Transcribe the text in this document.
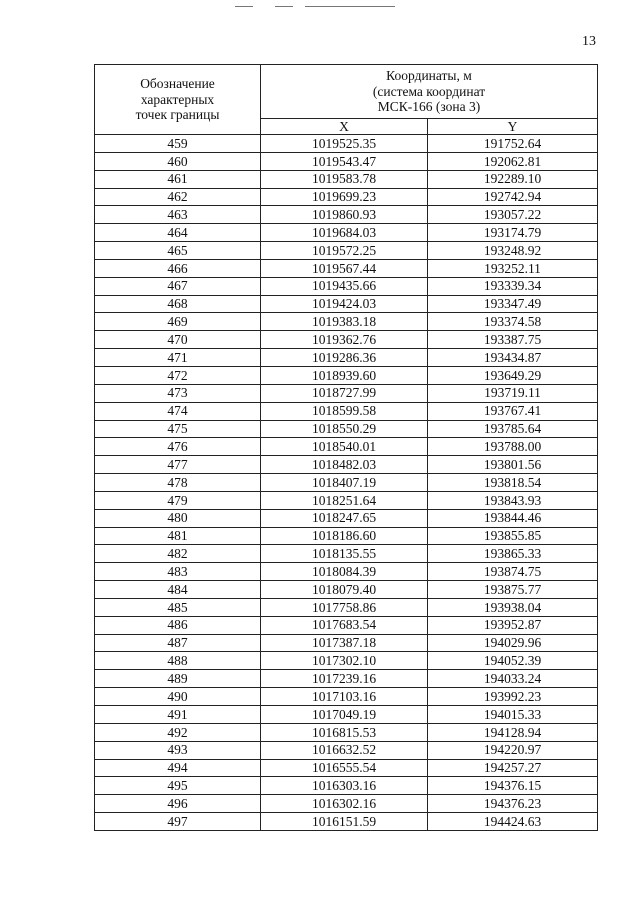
13
Обозначение
характерных
точек границы	Координаты, м
(система координат
МСК-166 (зона 3)	

	X	Y
459	1019525.35	191752.64
460	1019543.47	192062.81
461	1019583.78	192289.10
462	1019699.23	192742.94
463	1019860.93	193057.22
464	1019684.03	193174.79
465	1019572.25	193248.92
466	1019567.44	193252.11
467	1019435.66	193339.34
468	1019424.03	193347.49
469	1019383.18	193374.58
470	1019362.76	193387.75
471	1019286.36	193434.87
472	1018939.60	193649.29
473	1018727.99	193719.11
474	1018599.58	193767.41
475	1018550.29	193785.64
476	1018540.01	193788.00
477	1018482.03	193801.56
478	1018407.19	193818.54
479	1018251.64	193843.93
480	1018247.65	193844.46
481	1018186.60	193855.85
482	1018135.55	193865.33
483	1018084.39	193874.75
484	1018079.40	193875.77
485	1017758.86	193938.04
486	1017683.54	193952.87
487	1017387.18	194029.96
488	1017302.10	194052.39
489	1017239.16	194033.24
490	1017103.16	193992.23
491	1017049.19	194015.33
492	1016815.53	194128.94
493	1016632.52	194220.97
494	1016555.54	194257.27
495	1016303.16	194376.15
496	1016302.16	194376.23
497	1016151.59	194424.63
